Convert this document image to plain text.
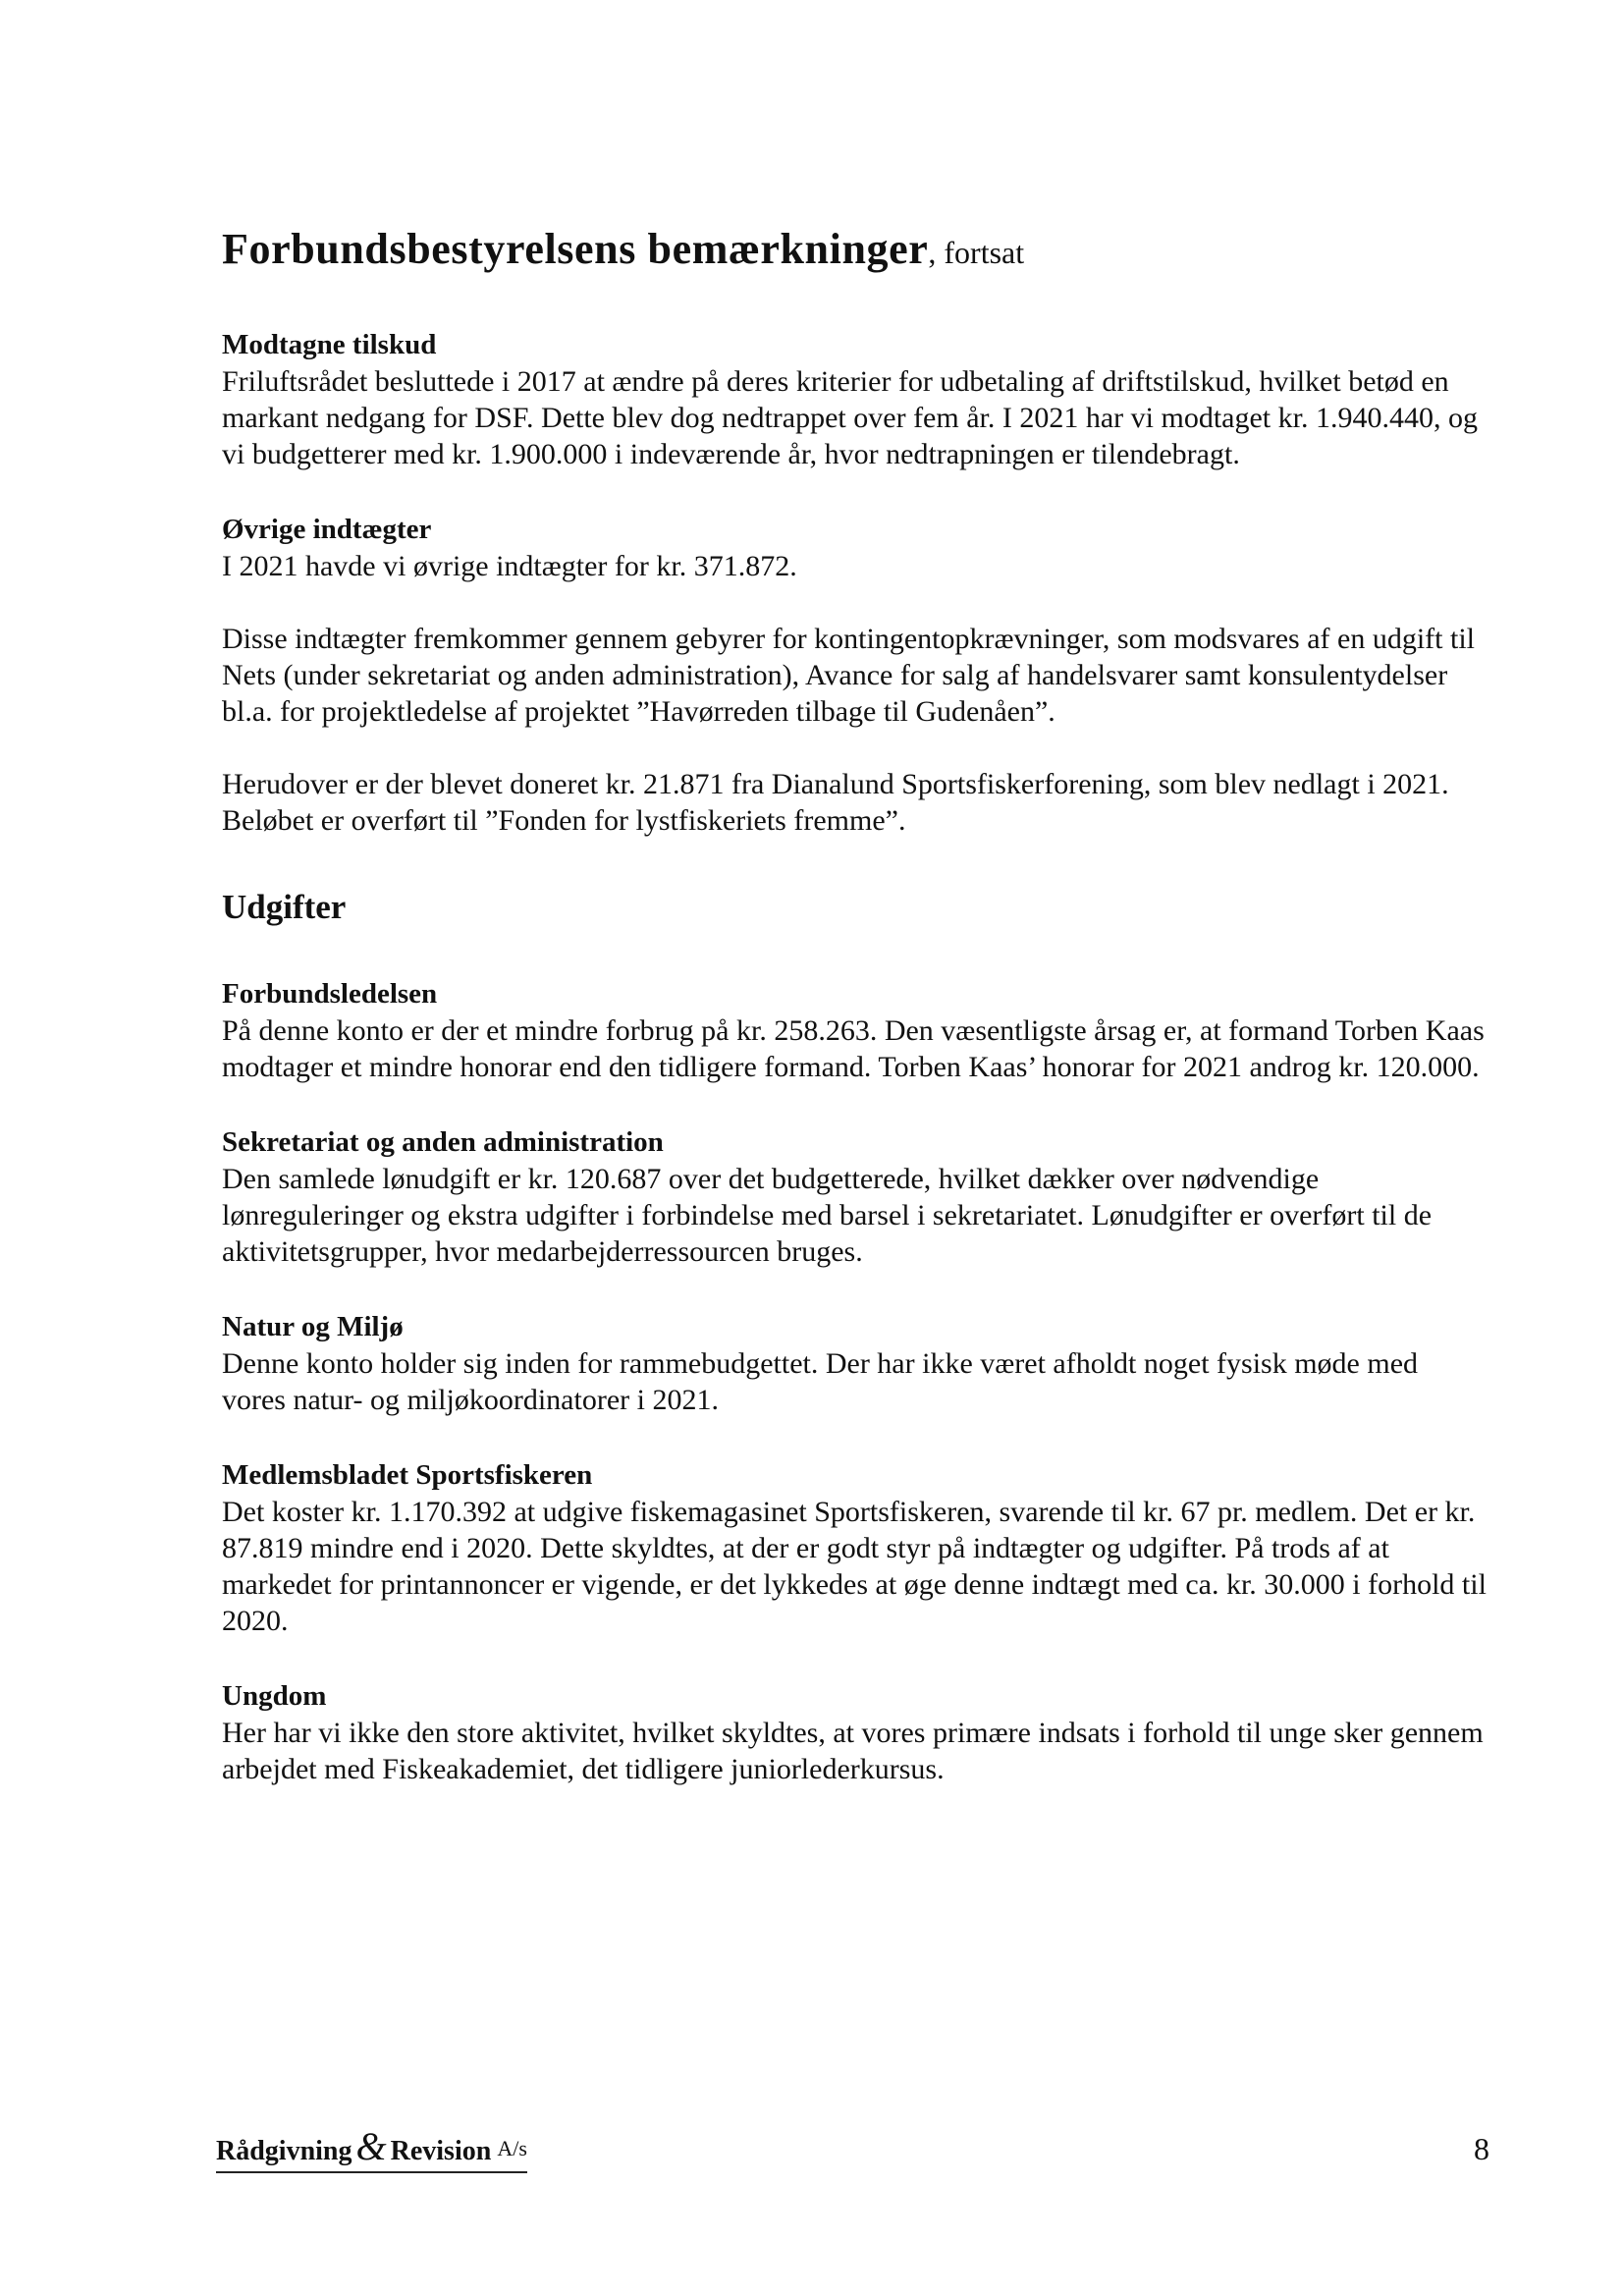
Forbundsbestyrelsens bemærkninger, fortsat

Modtagne tilskud

Friluftsrådet besluttede i 2017 at ændre på deres kriterier for udbetaling af driftstilskud, hvilket betød en markant nedgang for DSF. Dette blev dog nedtrappet over fem år. I 2021 har vi modtaget kr. 1.940.440, og vi budgetterer med kr. 1.900.000 i indeværende år, hvor nedtrapningen er tilendebragt.

Øvrige indtægter

I 2021 havde vi øvrige indtægter for kr. 371.872.

Disse indtægter fremkommer gennem gebyrer for kontingentopkrævninger, som modsvares af en udgift til Nets (under sekretariat og anden administration), Avance for salg af handelsvarer samt konsulentydelser bl.a. for projektledelse af projektet ”Havørreden tilbage til Gudenåen”.

Herudover er der blevet doneret kr. 21.871 fra Dianalund Sportsfiskerforening, som blev nedlagt i 2021. Beløbet er overført til ”Fonden for lystfiskeriets fremme”.

Udgifter

Forbundsledelsen

På denne konto er der et mindre forbrug på kr. 258.263. Den væsentligste årsag er, at formand Torben Kaas modtager et mindre honorar end den tidligere formand. Torben Kaas’ honorar for 2021 androg kr. 120.000.

Sekretariat og anden administration

Den samlede lønudgift er kr. 120.687 over det budgetterede, hvilket dækker over nødvendige lønreguleringer og ekstra udgifter i forbindelse med barsel i sekretariatet. Lønudgifter er overført til de aktivitetsgrupper, hvor medarbejderressourcen bruges.

Natur og Miljø

Denne konto holder sig inden for rammebudgettet. Der har ikke været afholdt noget fysisk møde med vores natur- og miljøkoordinatorer i 2021.

Medlemsbladet Sportsfiskeren

Det koster kr. 1.170.392 at udgive fiskemagasinet Sportsfiskeren, svarende til kr. 67 pr. medlem. Det er kr. 87.819 mindre end i 2020. Dette skyldtes, at der er godt styr på indtægter og udgifter. På trods af at markedet for printannoncer er vigende, er det lykkedes at øge denne indtægt med ca. kr. 30.000 i forhold til 2020.

Ungdom

Her har vi ikke den store aktivitet, hvilket skyldtes, at vores primære indsats i forhold til unge sker gennem arbejdet med Fiskeakademiet, det tidligere juniorlederkursus.

Rådgivning & Revision A/s	8
